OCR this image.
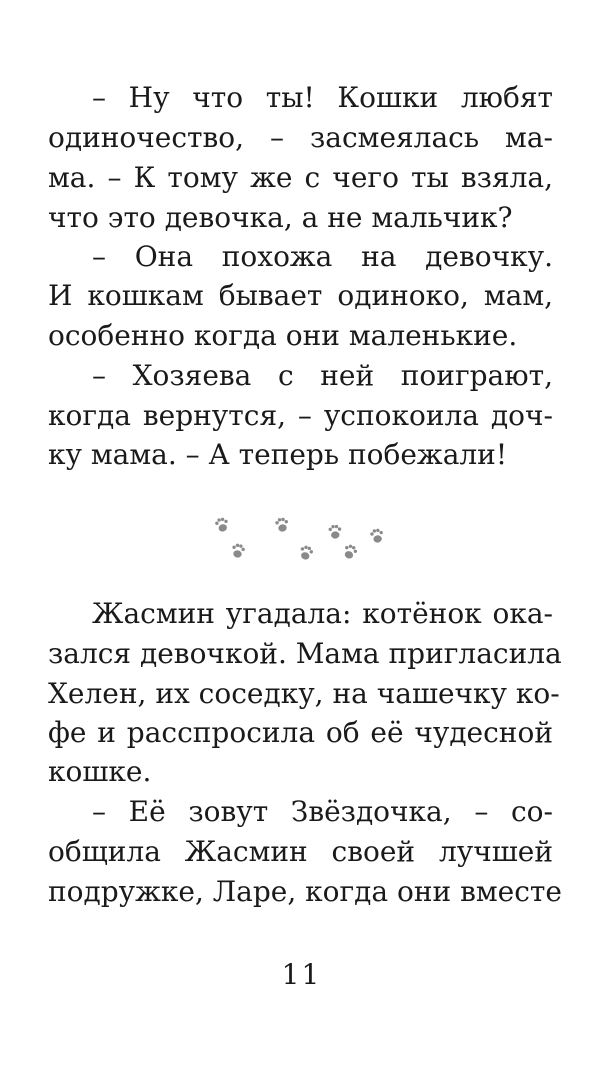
– Ну что ты! Кошки любят
одиночество, – засмеялась ма-
ма. – К тому же с чего ты взяла,
что это девочка, а не мальчик?
– Она похожа на девочку.
И кошкам бывает одиноко, мам,
особенно когда они маленькие.
– Хозяева с ней поиграют,
когда вернутся, – успокоила доч-
ку мама. – А теперь побежали!
Жасмин угадала: котёнок ока-
зался девочкой. Мама пригласила
Хелен, их соседку, на чашечку ко-
фе и расспросила об её чудесной
кошке.
– Её зовут Звёздочка, – со-
общила Жасмин своей лучшей
подружке, Ларе, когда они вместе
11
